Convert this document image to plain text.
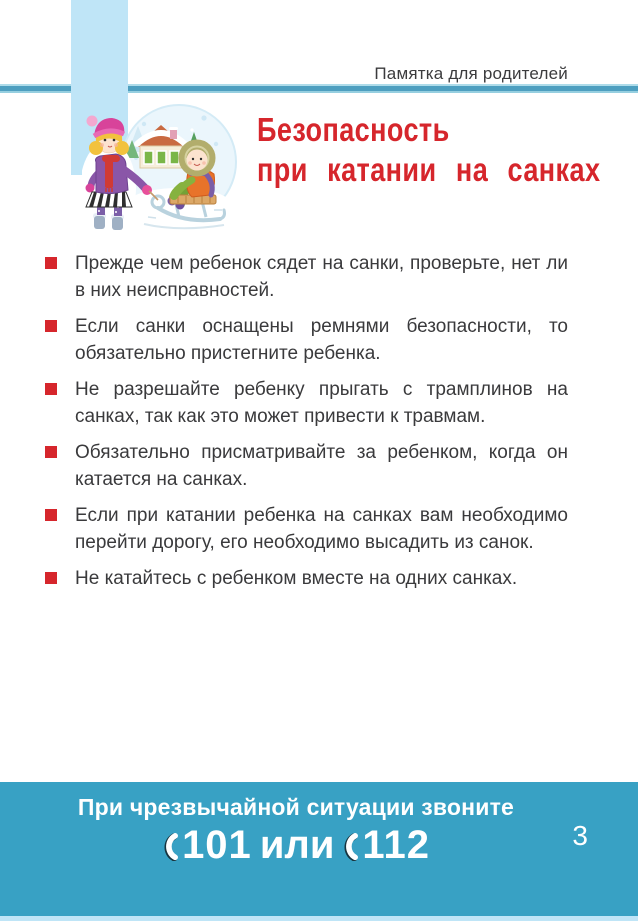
Памятка для родителей
Безопасность
при катании на санках
Прежде чем ребенок сядет на санки, проверьте, нет ли в них неисправностей.
Если санки оснащены ремнями безопасности, то обязательно пристегните ребенка.
Не разрешайте ребенку прыгать с трамплинов на санках, так как это может привести к травмам.
Обязательно присматривайте за ребенком, когда он катается на санках.
Если при катании ребенка на санках вам необходимо перейти дорогу, его необходимо высадить из санок.
Не катайтесь с ребенком вместе на одних санках.
При чрезвычайной ситуации звоните
101 или 112	3
